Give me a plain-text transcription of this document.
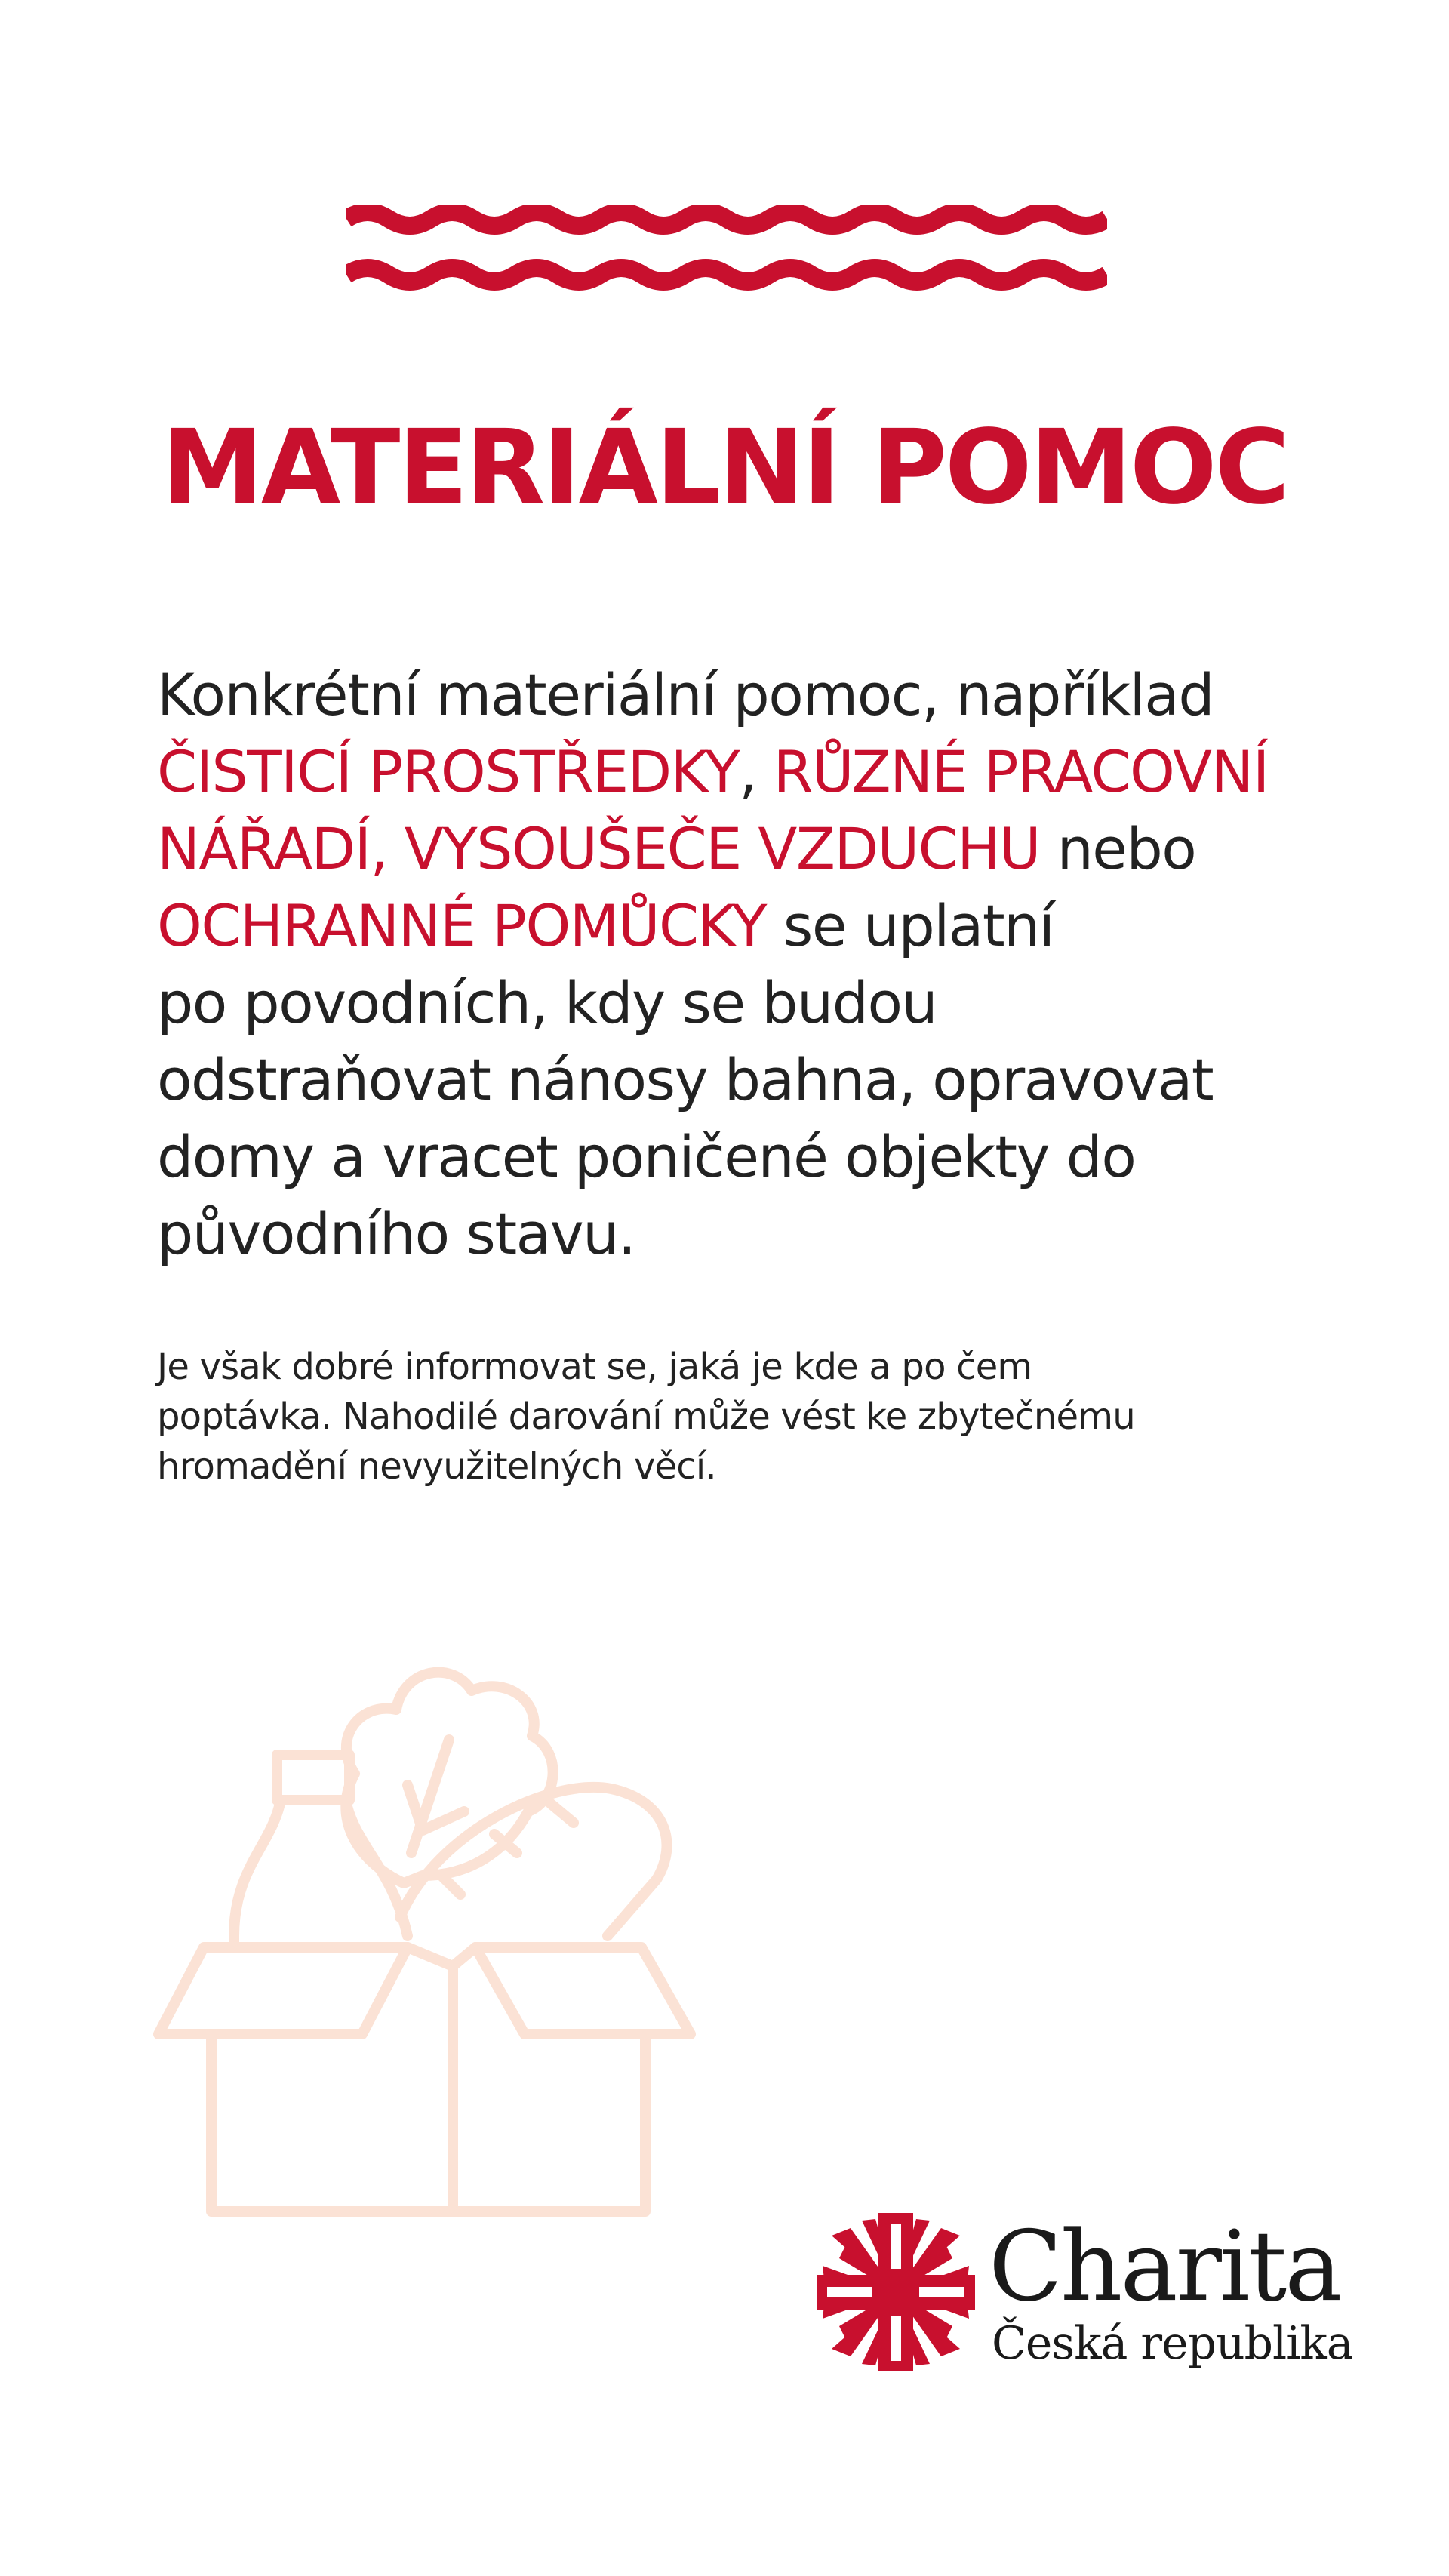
MATERIÁLNÍ POMOC

Konkrétní materiální pomoc, například
ČISTICÍ PROSTŘEDKY, RŮZNÉ PRACOVNÍ
NÁŘADÍ, VYSOUŠEČE VZDUCHU nebo
OCHRANNÉ POMŮCKY se uplatní
po povodních, kdy se budou
odstraňovat nánosy bahna, opravovat
domy a vracet poničené objekty do
původního stavu.

Je však dobré informovat se, jaká je kde a po čem
poptávka. Nahodilé darování může vést ke zbytečnému
hromadění nevyužitelných věcí.

Charita

Česká republika
